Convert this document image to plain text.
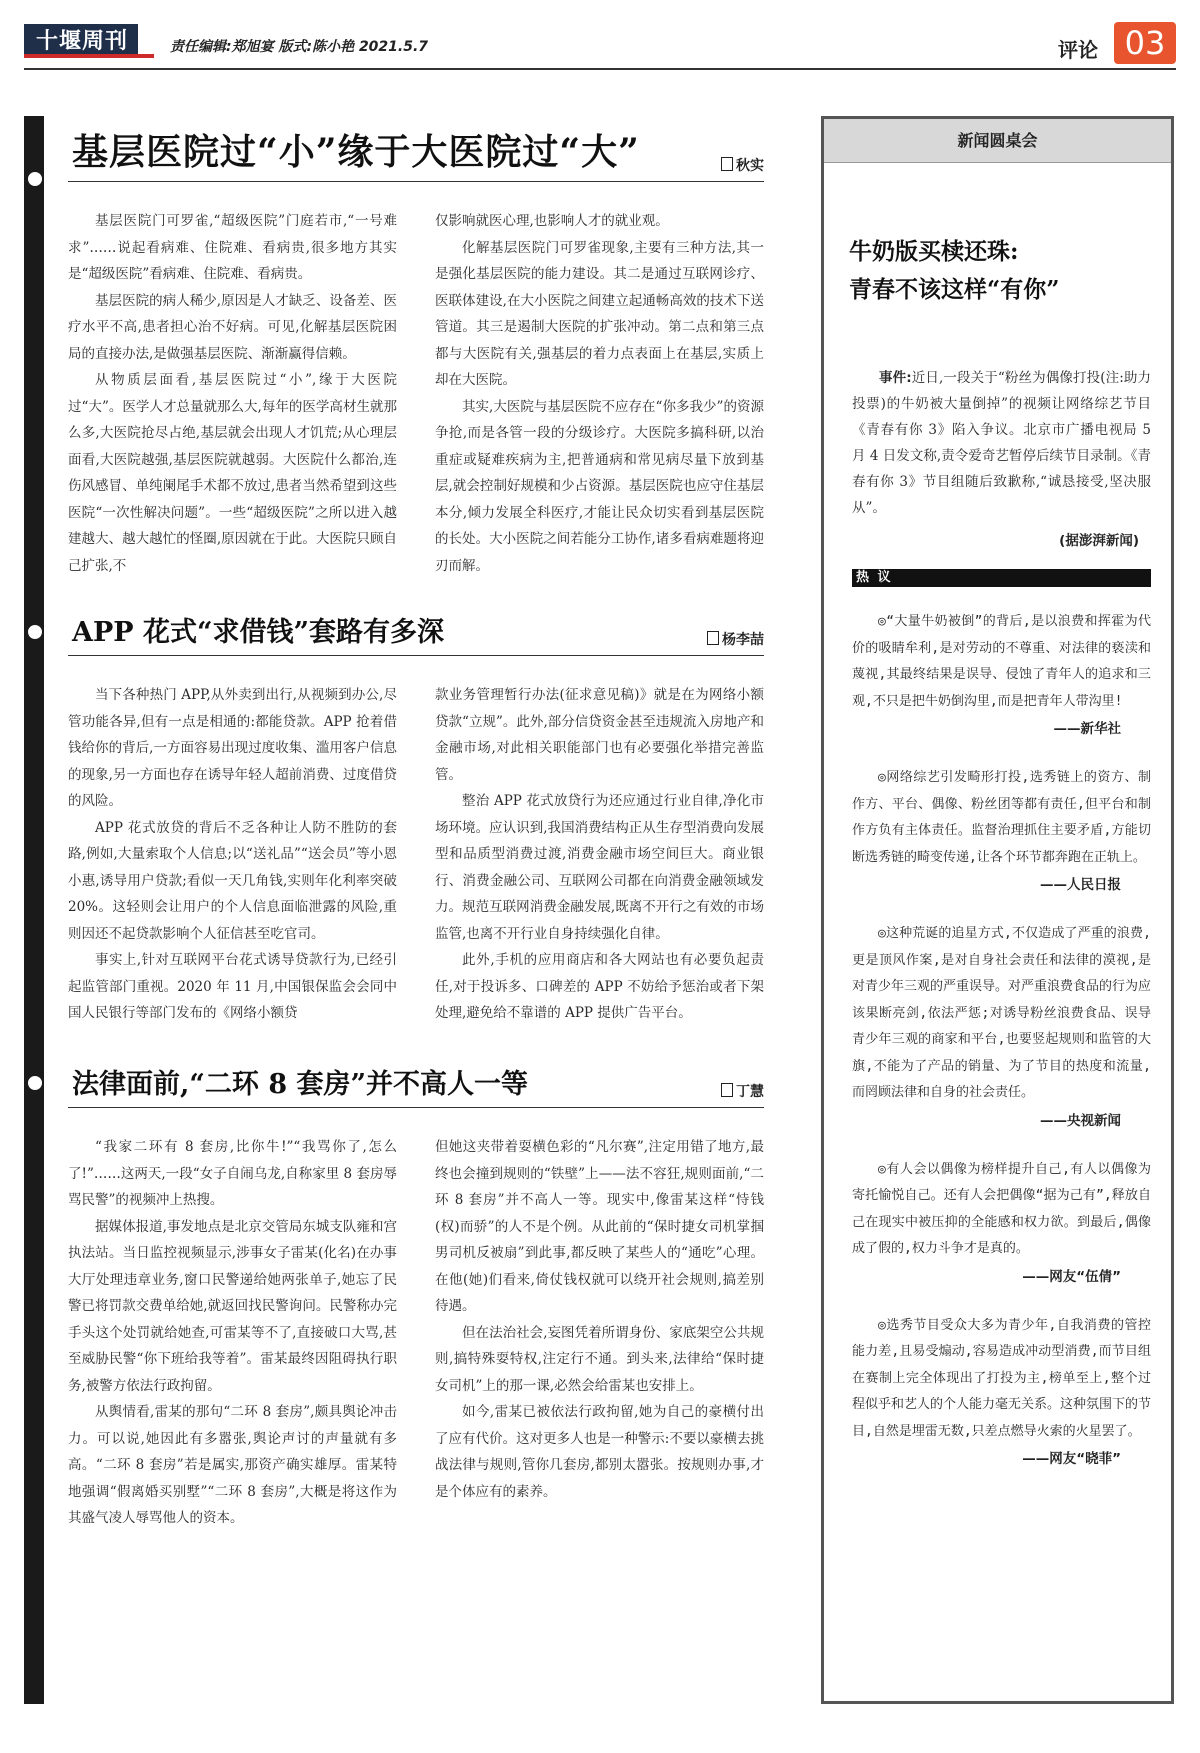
十堰周刊	责任编辑:郑旭宴 版式:陈小艳 2021.5.7	评论 03
基层医院过“小”缘于大医院过“大”	秋实

基层医院门可罗雀,“超级医院”门庭若市,“一号难求”……说起看病难、住院难、看病贵,很多地方其实是“超级医院”看病难、住院难、看病贵。

基层医院的病人稀少,原因是人才缺乏、设备差、医疗水平不高,患者担心治不好病。可见,化解基层医院困局的直接办法,是做强基层医院、渐渐赢得信赖。

从物质层面看,基层医院过“小”,缘于大医院过“大”。医学人才总量就那么大,每年的医学高材生就那么多,大医院抢尽占绝,基层就会出现人才饥荒;从心理层面看,大医院越强,基层医院就越弱。大医院什么都治,连伤风感冒、单纯阑尾手术都不放过,患者当然希望到这些医院“一次性解决问题”。一些“超级医院”之所以进入越建越大、越大越忙的怪圈,原因就在于此。大医院只顾自己扩张,不

仅影响就医心理,也影响人才的就业观。

化解基层医院门可罗雀现象,主要有三种方法,其一是强化基层医院的能力建设。其二是通过互联网诊疗、医联体建设,在大小医院之间建立起通畅高效的技术下送管道。其三是遏制大医院的扩张冲动。第二点和第三点都与大医院有关,强基层的着力点表面上在基层,实质上却在大医院。

其实,大医院与基层医院不应存在“你多我少”的资源争抢,而是各管一段的分级诊疗。大医院多搞科研,以治重症或疑难疾病为主,把普通病和常见病尽量下放到基层,就会控制好规模和少占资源。基层医院也应守住基层本分,倾力发展全科医疗,才能让民众切实看到基层医院的长处。大小医院之间若能分工协作,诸多看病难题将迎刃而解。

APP 花式“求借钱”套路有多深	杨李喆

当下各种热门 APP,从外卖到出行,从视频到办公,尽管功能各异,但有一点是相通的:都能贷款。APP 抢着借钱给你的背后,一方面容易出现过度收集、滥用客户信息的现象,另一方面也存在诱导年轻人超前消费、过度借贷的风险。

APP 花式放贷的背后不乏各种让人防不胜防的套路,例如,大量索取个人信息;以“送礼品”“送会员”等小恩小惠,诱导用户贷款;看似一天几角钱,实则年化利率突破 20%。这轻则会让用户的个人信息面临泄露的风险,重则因还不起贷款影响个人征信甚至吃官司。

事实上,针对互联网平台花式诱导贷款行为,已经引起监管部门重视。2020 年 11 月,中国银保监会会同中国人民银行等部门发布的《网络小额贷

款业务管理暂行办法(征求意见稿)》就是在为网络小额贷款“立规”。此外,部分信贷资金甚至违规流入房地产和金融市场,对此相关职能部门也有必要强化举措完善监管。

整治 APP 花式放贷行为还应通过行业自律,净化市场环境。应认识到,我国消费结构正从生存型消费向发展型和品质型消费过渡,消费金融市场空间巨大。商业银行、消费金融公司、互联网公司都在向消费金融领域发力。规范互联网消费金融发展,既离不开行之有效的市场监管,也离不开行业自身持续强化自律。

此外,手机的应用商店和各大网站也有必要负起责任,对于投诉多、口碑差的 APP 不妨给予惩治或者下架处理,避免给不靠谱的 APP 提供广告平台。

法律面前,“二环 8 套房”并不高人一等	丁慧

“我家二环有 8 套房,比你牛!”“我骂你了,怎么了!”……这两天,一段“女子自闹乌龙,自称家里 8 套房辱骂民警”的视频冲上热搜。

据媒体报道,事发地点是北京交管局东城支队雍和宫执法站。当日监控视频显示,涉事女子雷某(化名)在办事大厅处理违章业务,窗口民警递给她两张单子,她忘了民警已将罚款交费单给她,就返回找民警询问。民警称办完手头这个处罚就给她查,可雷某等不了,直接破口大骂,甚至威胁民警“你下班给我等着”。雷某最终因阻碍执行职务,被警方依法行政拘留。

从舆情看,雷某的那句“二环 8 套房”,颇具舆论冲击力。可以说,她因此有多嚣张,舆论声讨的声量就有多高。“二环 8 套房”若是属实,那资产确实雄厚。雷某特地强调“假离婚买别墅”“二环 8 套房”,大概是将这作为其盛气凌人辱骂他人的资本。

但她这夹带着耍横色彩的“凡尔赛”,注定用错了地方,最终也会撞到规则的“铁壁”上——法不容狂,规则面前,“二环 8 套房”并不高人一等。现实中,像雷某这样“恃钱(权)而骄”的人不是个例。从此前的“保时捷女司机掌掴男司机反被扇”到此事,都反映了某些人的“通吃”心理。在他(她)们看来,倚仗钱权就可以绕开社会规则,搞差别待遇。

但在法治社会,妄图凭着所谓身份、家底架空公共规则,搞特殊耍特权,注定行不通。到头来,法律给“保时捷女司机”上的那一课,必然会给雷某也安排上。

如今,雷某已被依法行政拘留,她为自己的豪横付出了应有代价。这对更多人也是一种警示:不要以豪横去挑战法律与规则,管你几套房,都别太嚣张。按规则办事,才是个体应有的素养。

新闻圆桌会
牛奶版买椟还珠:
青春不该这样“有你”

事件:近日,一段关于“粉丝为偶像打投(注:助力投票)的牛奶被大量倒掉”的视频让网络综艺节目《青春有你 3》陷入争议。北京市广播电视局 5 月 4 日发文称,责令爱奇艺暂停后续节目录制。《青春有你 3》节目组随后致歉称,“诚恳接受,坚决服从”。

(据澎湃新闻)
热 议

◎“大量牛奶被倒”的背后,是以浪费和挥霍为代价的吸睛牟利,是对劳动的不尊重、对法律的亵渎和蔑视,其最终结果是误导、侵蚀了青年人的追求和三观,不只是把牛奶倒沟里,而是把青年人带沟里!

——新华社

◎网络综艺引发畸形打投,选秀链上的资方、制作方、平台、偶像、粉丝团等都有责任,但平台和制作方负有主体责任。监督治理抓住主要矛盾,方能切断选秀链的畸变传递,让各个环节都奔跑在正轨上。

——人民日报

◎这种荒诞的追星方式,不仅造成了严重的浪费,更是顶风作案,是对自身社会责任和法律的漠视,是对青少年三观的严重误导。对严重浪费食品的行为应该果断亮剑,依法严惩;对诱导粉丝浪费食品、误导青少年三观的商家和平台,也要竖起规则和监管的大旗,不能为了产品的销量、为了节目的热度和流量,而罔顾法律和自身的社会责任。

——央视新闻

◎有人会以偶像为榜样提升自己,有人以偶像为寄托愉悦自己。还有人会把偶像“据为己有”,释放自己在现实中被压抑的全能感和权力欲。到最后,偶像成了假的,权力斗争才是真的。

——网友“伍倩”

◎选秀节目受众大多为青少年,自我消费的管控能力差,且易受煽动,容易造成冲动型消费,而节目组在赛制上完全体现出了打投为主,榜单至上,整个过程似乎和艺人的个人能力毫无关系。这种氛围下的节目,自然是埋雷无数,只差点燃导火索的火星罢了。

——网友“晓菲”
